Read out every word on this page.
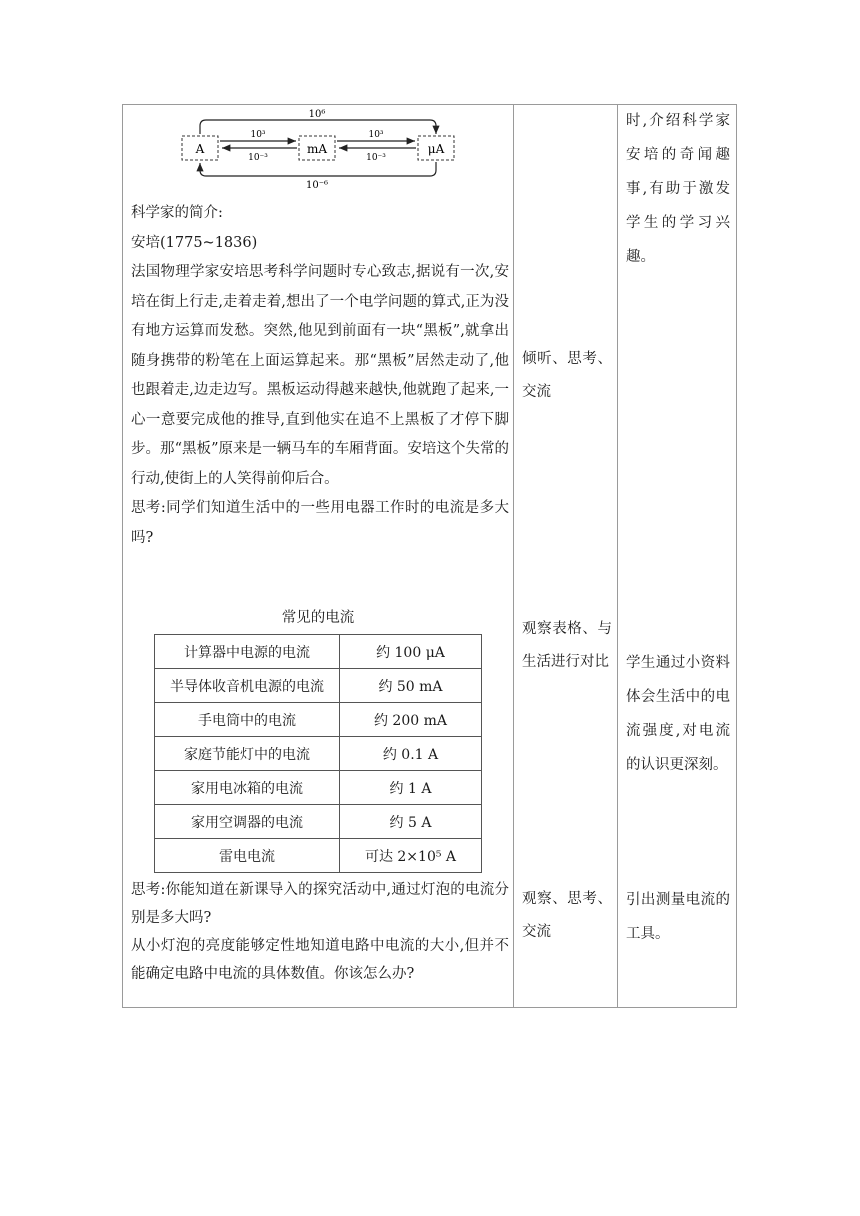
A	mA	μA
10⁶
10⁻⁶
10³
10⁻³
10³
10⁻³

科学家的简介:

安培(1775~1836)

法国物理学家安培思考科学问题时专心致志,据说有一次,安培在街上行走,走着走着,想出了一个电学问题的算式,正为没有地方运算而发愁。突然,他见到前面有一块“黑板”,就拿出随身携带的粉笔在上面运算起来。那“黑板”居然走动了,他也跟着走,边走边写。黑板运动得越来越快,他就跑了起来,一心一意要完成他的推导,直到他实在追不上黑板了才停下脚步。那“黑板”原来是一辆马车的车厢背面。安培这个失常的行动,使街上的人笑得前仰后合。

思考:同学们知道生活中的一些用电器工作时的电流是多大吗?

常见的电流
计算器中电源的电流	约 100 μA
半导体收音机电源的电流	约 50 mA
手电筒中的电流	约 200 mA
家庭节能灯中的电流	约 0.1 A
家用电冰箱的电流	约 1 A
家用空调器的电流	约 5 A
雷电电流	可达 2×10⁵ A

思考:你能知道在新课导入的探究活动中,通过灯泡的电流分别是多大吗?

从小灯泡的亮度能够定性地知道电路中电流的大小,但并不能确定电路中电流的具体数值。你该怎么办?

倾听、思考、交流
观察表格、与生活进行对比
观察、思考、交流
时,介绍科学家安培的奇闻趣事,有助于激发学生的学习兴趣。
学生通过小资料体会生活中的电流强度,对电流的认识更深刻。
引出测量电流的工具。
